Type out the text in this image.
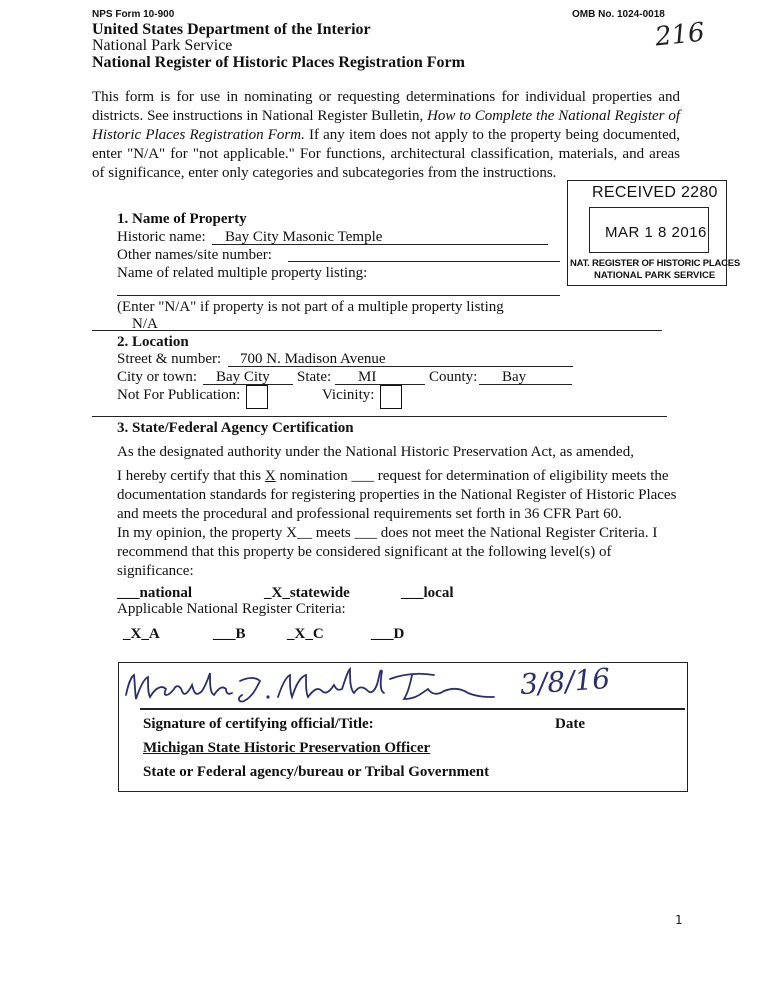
NPS Form 10-900	OMB No. 1024-0018
216
United States Department of the Interior
National Park Service
National Register of Historic Places Registration Form
This form is for use in nominating or requesting determinations for individual properties and districts. See instructions in National Register Bulletin, How to Complete the National Register of Historic Places Registration Form. If any item does not apply to the property being documented, enter "N/A" for "not applicable." For functions, architectural classification, materials, and areas of significance, enter only categories and subcategories from the instructions.
RECEIVED 2280
MAR 1 8 2016
NAT. REGISTER OF HISTORIC PLACES
NATIONAL PARK SERVICE
1. Name of Property
Historic name: Bay City Masonic Temple
Other names/site number:
Name of related multiple property listing:
(Enter "N/A" if property is not part of a multiple property listing
N/A
2. Location
Street & number: 700 N. Madison Avenue
City or town: Bay City State: MI	County: Bay
Not For Publication:	Vicinity:
3. State/Federal Agency Certification
As the designated authority under the National Historic Preservation Act, as amended,
I hereby certify that this X nomination ___ request for determination of eligibility meets the documentation standards for registering properties in the National Register of Historic Places and meets the procedural and professional requirements set forth in 36 CFR Part 60.
In my opinion, the property X__ meets ___ does not meet the National Register Criteria. I recommend that this property be considered significant at the following level(s) of significance:
___national	_X_statewide	___local
Applicable National Register Criteria:
_X_A	___B	_X_C	___D
3/8/16
Signature of certifying official/Title:	Date
Michigan State Historic Preservation Officer
State or Federal agency/bureau or Tribal Government
1
